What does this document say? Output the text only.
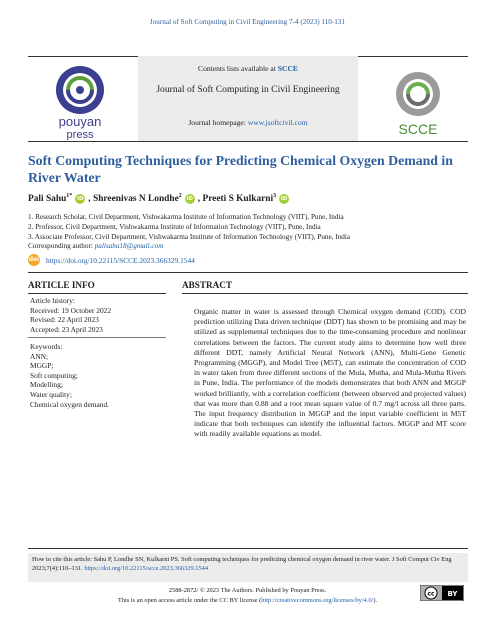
Journal of Soft Computing in Civil Engineering 7-4 (2023) 110-131
pouyan
press
Contents lists available at SCCE
Journal of Soft Computing in Civil Engineering
Journal homepage: www.jsoftcivil.com	SCCE
Soft Computing Techniques for Predicting Chemical Oxygen Demand in River Water
Pali Sahu$^{1*}$ iD , Shreenivas N Londhe$^2$ iD , Preeti S Kulkarni$^3$ iD
1. Research Scholar, Civil Department, Vishwakarma Institute of Information Technology (VIIT), Pune, India
2. Professor, Civil Department, Vishwakarma Institute of Information Technology (VIIT), Pune, India
3. Associate Professor, Civil Department, Vishwakarma Institute of Information Technology (VIIT), Pune, India
Corresponding author: palisahu18@gmail.com
doi https://doi.org/10.22115/SCCE.2023.366329.1544
ARTICLE INFO
Article history:
Received: 19 October 2022
Revised: 22 April 2023
Accepted: 23 April 2023
Keywords:
ANN;
MGGP;
Soft computing;
Modelling;
Water quality;
Chemical oxygen demand.
ABSTRACT
Organic matter in water is assessed through Chemical oxygen demand (COD). COD prediction utilizing Data driven technique (DDT) has shown to be promising and may be utilized as supplemental techniques due to the time-consuming procedure and nonlinear correlations between the factors. The current study aims to determine how well three different DDT, namely Artificial Neural Network (ANN), Multi-Gene Genetic Programming (MGGP), and Model Tree (M5T), can estimate the concentration of COD in water taken from three different sections of the Mula, Mutha, and Mula-Mutha Rivers in Pune, India. The performance of the models demonstrates that both ANN and MGGP worked brilliantly, with a correlation coefficient (between observed and projected values) that was more than 0.88 and a root mean square value of 0.7 mg/l across all three parts. The input frequency distribution in MGGP and the input variable coefficient in M5T indicate that both techniques can identify the influential factors. MGGP and MT score with readily available equations as model.
How to cite this article: Sahu P, Londhe SN, Kulkarni PS. Soft computing techniques for predicting chemical oxygen demand in river water. J Soft Comput Civ Eng 2023;7(4):110–131. https://doi.org/10.22115/scce.2023.366329.1544
2588-2872/ © 2023 The Authors. Published by Pouyan Press.
This is an open access article under the CC BY license (http://creativecommons.org/licenses/by/4.0/).
cc BY
